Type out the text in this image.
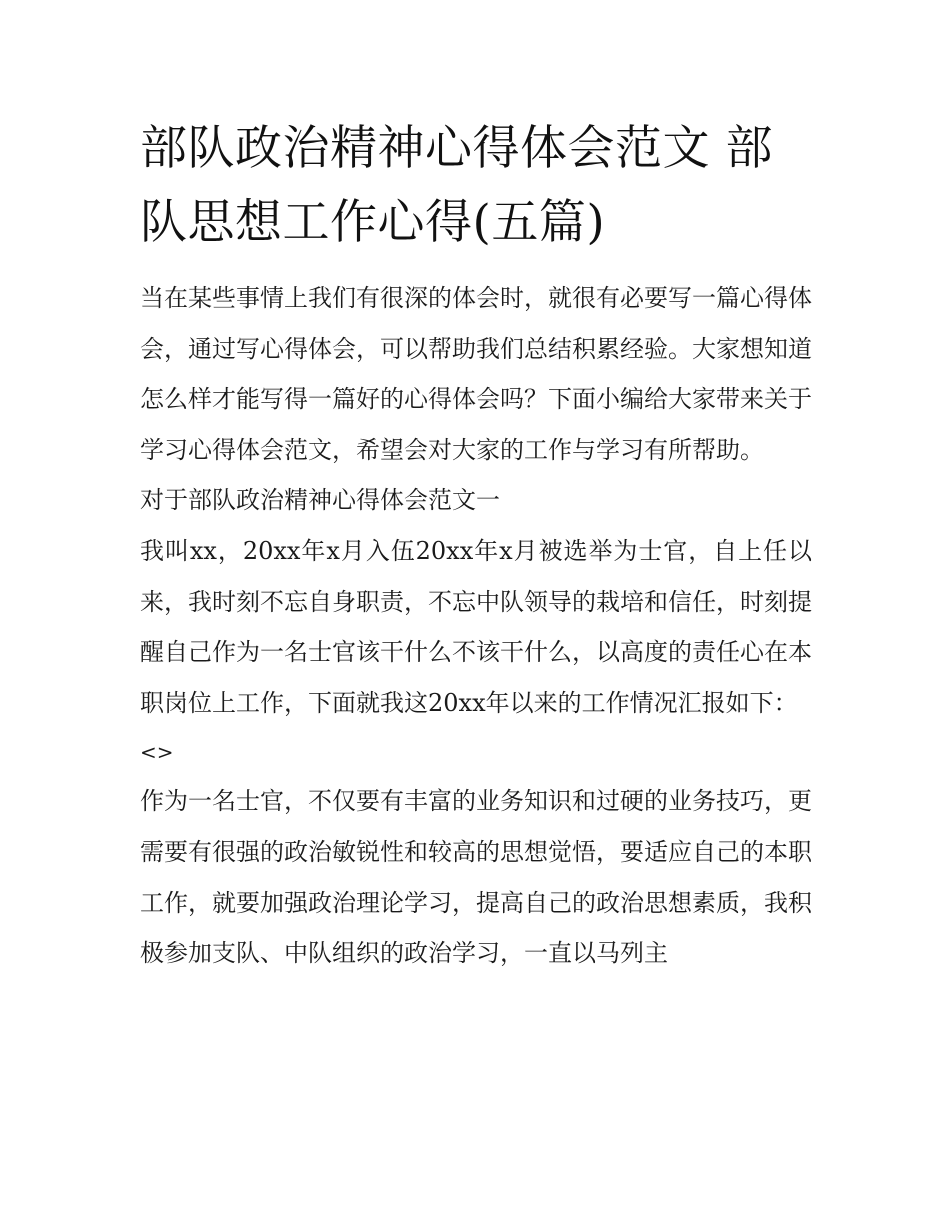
部队政治精神心得体会范文 部队思想工作心得(五篇)

当在某些事情上我们有很深的体会时，就很有必要写一篇心得体会，通过写心得体会，可以帮助我们总结积累经验。大家想知道怎么样才能写得一篇好的心得体会吗？下面小编给大家带来关于学习心得体会范文，希望会对大家的工作与学习有所帮助。

对于部队政治精神心得体会范文一

我叫xx，20xx年x月入伍20xx年x月被选举为士官，自上任以来，我时刻不忘自身职责，不忘中队领导的栽培和信任，时刻提醒自己作为一名士官该干什么不该干什么，以高度的责任心在本职岗位上工作，下面就我这20xx年以来的工作情况汇报如下：

<>

作为一名士官，不仅要有丰富的业务知识和过硬的业务技巧，更需要有很强的政治敏锐性和较高的思想觉悟，要适应自己的本职工作，就要加强政治理论学习，提高自己的政治思想素质，我积极参加支队、中队组织的政治学习，一直以马列主
